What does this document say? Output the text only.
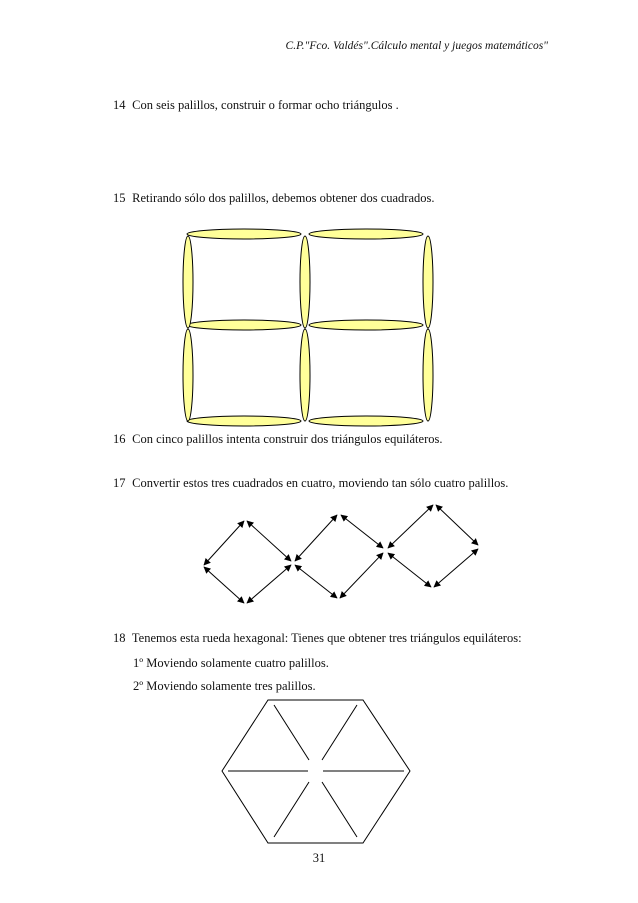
C.P."Fco. Valdés".Cálculo mental y juegos matemáticos"
14 Con seis palillos, construir o formar ocho triángulos .
15 Retirando sólo dos palillos, debemos obtener dos cuadrados.
16 Con cinco palillos intenta construir dos triángulos equiláteros.
17 Convertir estos tres cuadrados en cuatro, moviendo tan sólo cuatro palillos.
18 Tenemos esta rueda hexagonal: Tienes que obtener tres triángulos equiláteros:
1º Moviendo solamente cuatro palillos.
2º Moviendo solamente tres palillos.
31
